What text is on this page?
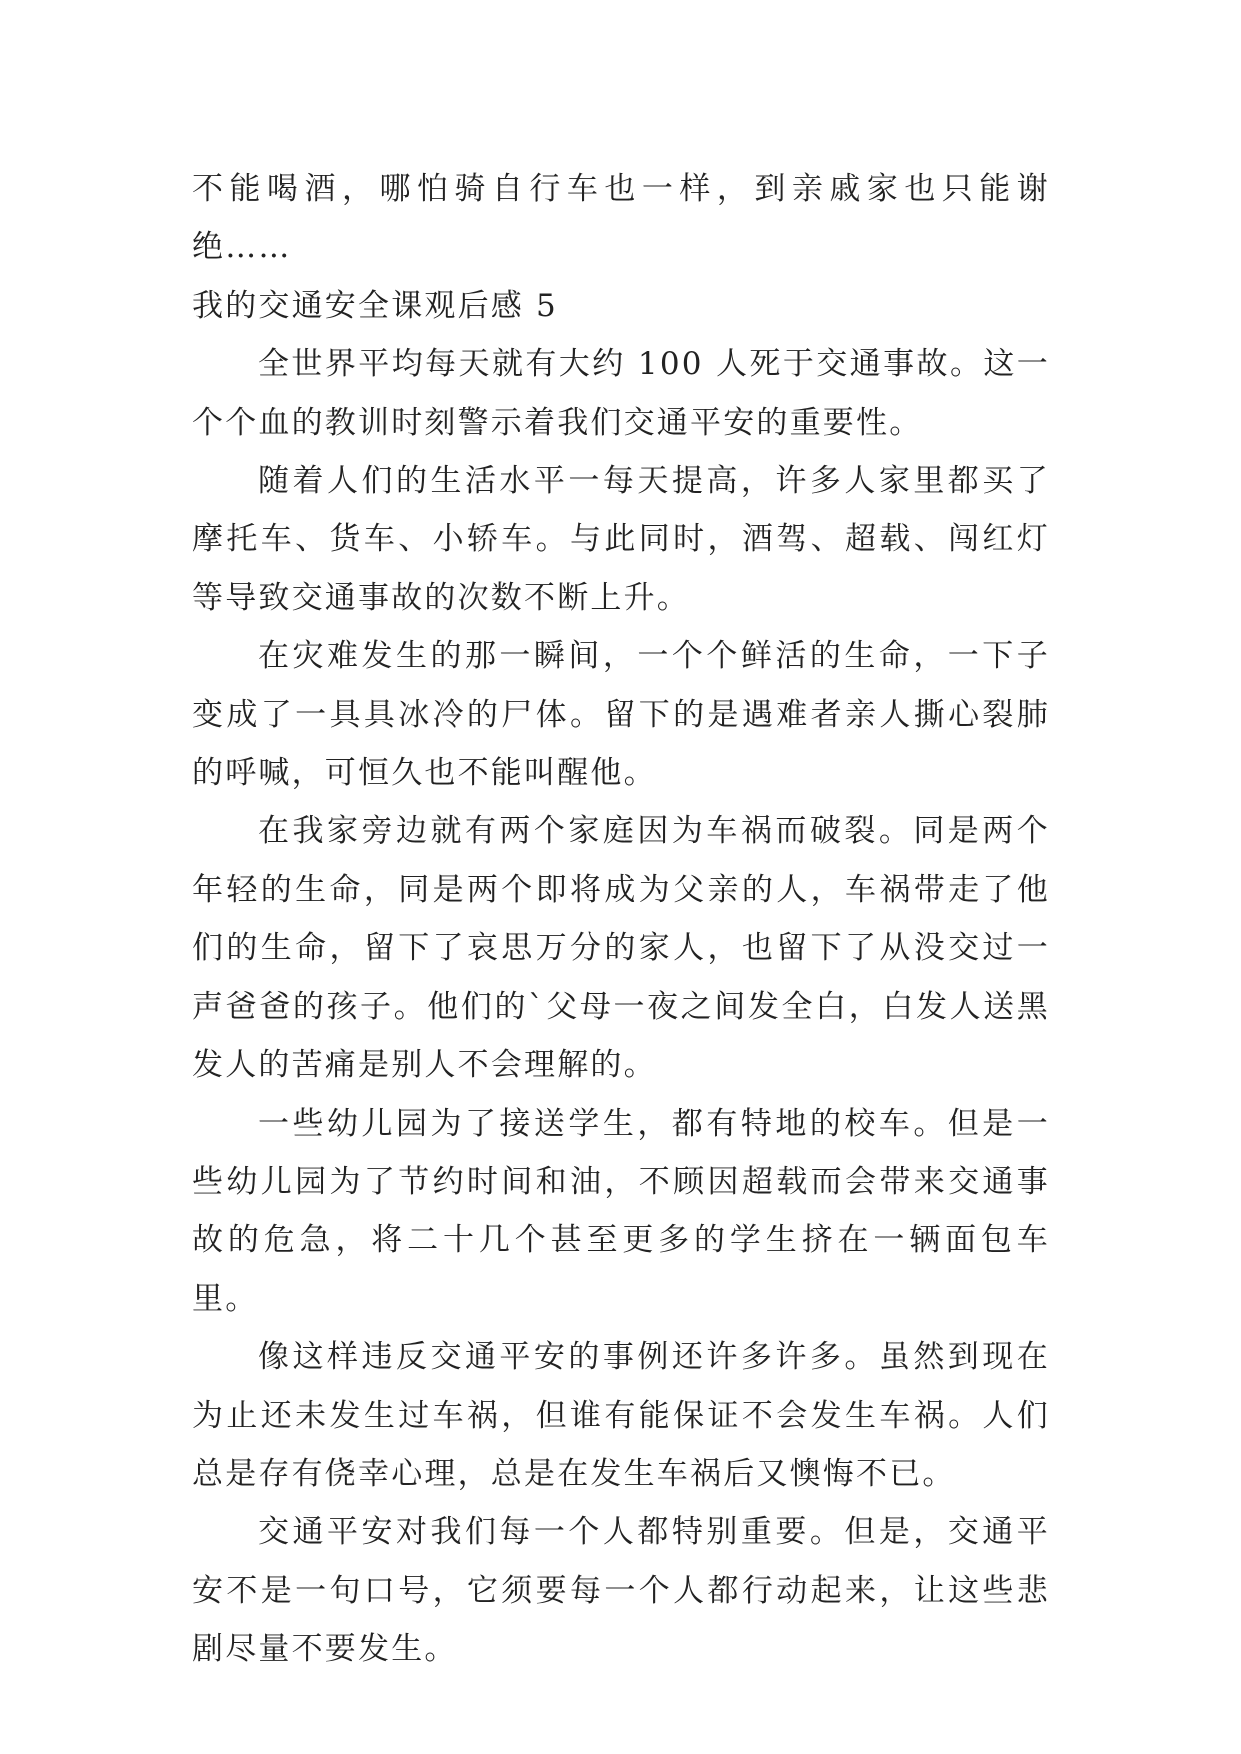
不能喝酒，哪怕骑自行车也一样，到亲戚家也只能谢绝……

我的交通安全课观后感 5

全世界平均每天就有大约 100 人死于交通事故。这一个个血的教训时刻警示着我们交通平安的重要性。

随着人们的生活水平一每天提高，许多人家里都买了摩托车、货车、小轿车。与此同时，酒驾、超载、闯红灯等导致交通事故的次数不断上升。

在灾难发生的那一瞬间，一个个鲜活的生命，一下子变成了一具具冰冷的尸体。留下的是遇难者亲人撕心裂肺的呼喊，可恒久也不能叫醒他。

在我家旁边就有两个家庭因为车祸而破裂。同是两个年轻的生命，同是两个即将成为父亲的人，车祸带走了他们的生命，留下了哀思万分的家人，也留下了从没交过一声爸爸的孩子。他们的`父母一夜之间发全白，白发人送黑发人的苦痛是别人不会理解的。

一些幼儿园为了接送学生，都有特地的校车。但是一些幼儿园为了节约时间和油，不顾因超载而会带来交通事故的危急，将二十几个甚至更多的学生挤在一辆面包车里。

像这样违反交通平安的事例还许多许多。虽然到现在为止还未发生过车祸，但谁有能保证不会发生车祸。人们总是存有侥幸心理，总是在发生车祸后又懊悔不已。

交通平安对我们每一个人都特别重要。但是，交通平安不是一句口号，它须要每一个人都行动起来，让这些悲剧尽量不要发生。
